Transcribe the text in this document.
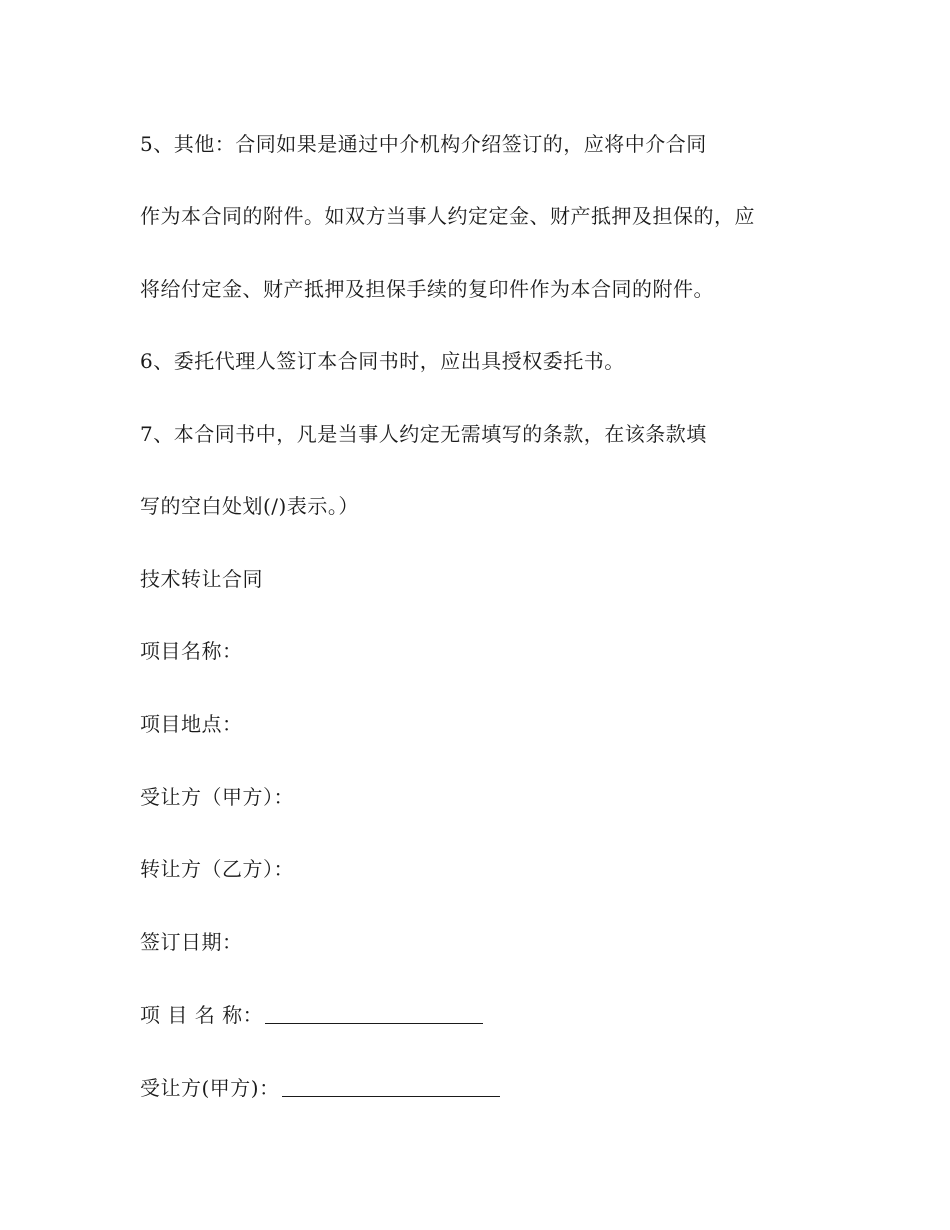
5、其他：合同如果是通过中介机构介绍签订的，应将中介合同
作为本合同的附件。如双方当事人约定定金、财产抵押及担保的，应
将给付定金、财产抵押及担保手续的复印件作为本合同的附件。
6、委托代理人签订本合同书时，应出具授权委托书。
7、本合同书中，凡是当事人约定无需填写的条款，在该条款填
写的空白处划(/)表示。）
技术转让合同
项目名称：
项目地点：
受让方（甲方）：
转让方（乙方）：
签订日期：
项 目 名 称：
受让方(甲方)：
